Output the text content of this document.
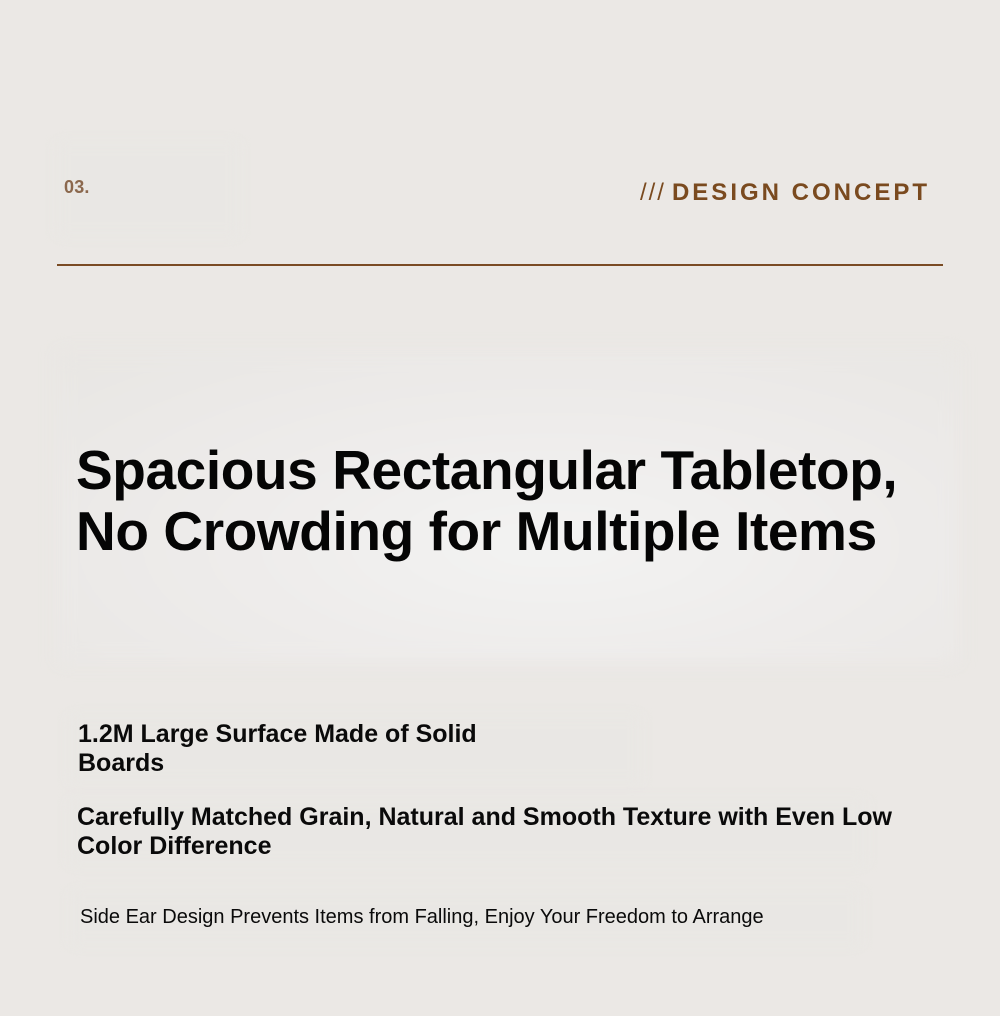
03.	/// DESIGN CONCEPT

Spacious Rectangular Tabletop,
No Crowding for Multiple Items

1.2M Large Surface Made of Solid
Boards

Carefully Matched Grain, Natural and Smooth Texture with Even Low
Color Difference

Side Ear Design Prevents Items from Falling, Enjoy Your Freedom to Arrange
